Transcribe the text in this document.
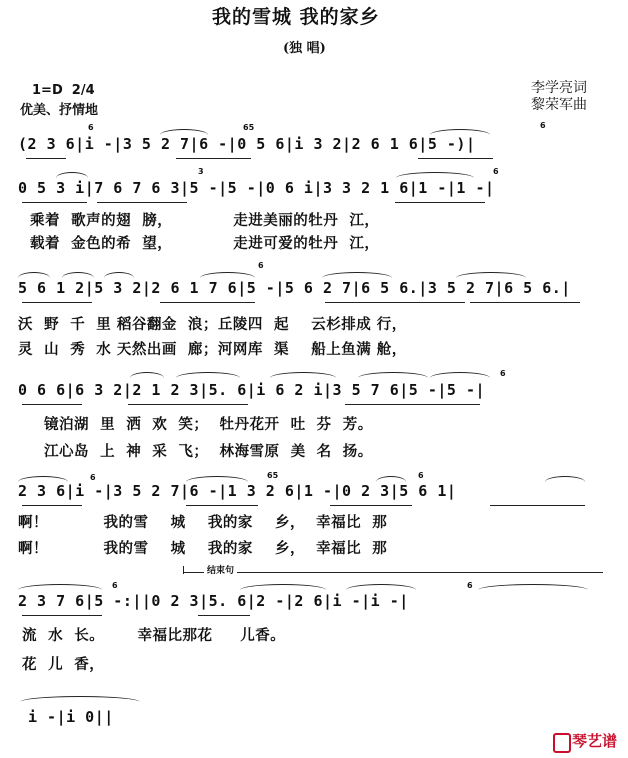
我的雪城 我的家乡
(独 唱)
1=D  2/4
优美、抒情地
李学亮词
黎荣军曲
6	65	6
(2 3 6|i -|3 5 2 7|6 -|0 5 6|i 3 2|2 6 1 6|5 -)|
3	6
0 5 3 i|7 6 7 6 3|5 -|5 -|0 6 i|3 3 2 1 6|1 -|1 -|
乘着  歌声的翅  膀，           走进美丽的牡丹  江，
载着  金色的希  望，           走进可爱的牡丹  江，
6
5 6 1 2|5 3 2|2 6 1 7 6|5 -|5 6 2 7|6 5 6.|3 5 2 7|6 5 6.|
沃  野  千  里 稻谷翻金  浪；丘陵四  起    云杉排成 行，
灵  山  秀  水 天然出画  廊；河网库  渠    船上鱼满 舱，
6
0 6 6|6 3 2|2 1 2 3|5. 6|i 6 2 i|3 5 7 6|5 -|5 -|
镜泊湖  里  洒  欢  笑；  牡丹花开  吐  芬  芳。
江心岛  上  神  采  飞；  林海雪原  美  名  扬。
6	65	6
2 3 6|i -|3 5 2 7|6 -|1 3 2 6|1 -|0 2 3|5 6 1|
啊！          我的雪    城    我的家    乡，  幸福比  那
啊！          我的雪    城    我的家    乡，  幸福比  那
结束句
6	6
2 3 7 6|5 -:||0 2 3|5. 6|2 -|2 6|i -|i -|
流  水  长。      幸福比那花     儿香。
花  儿  香，
i -|i 0||
琴艺谱
